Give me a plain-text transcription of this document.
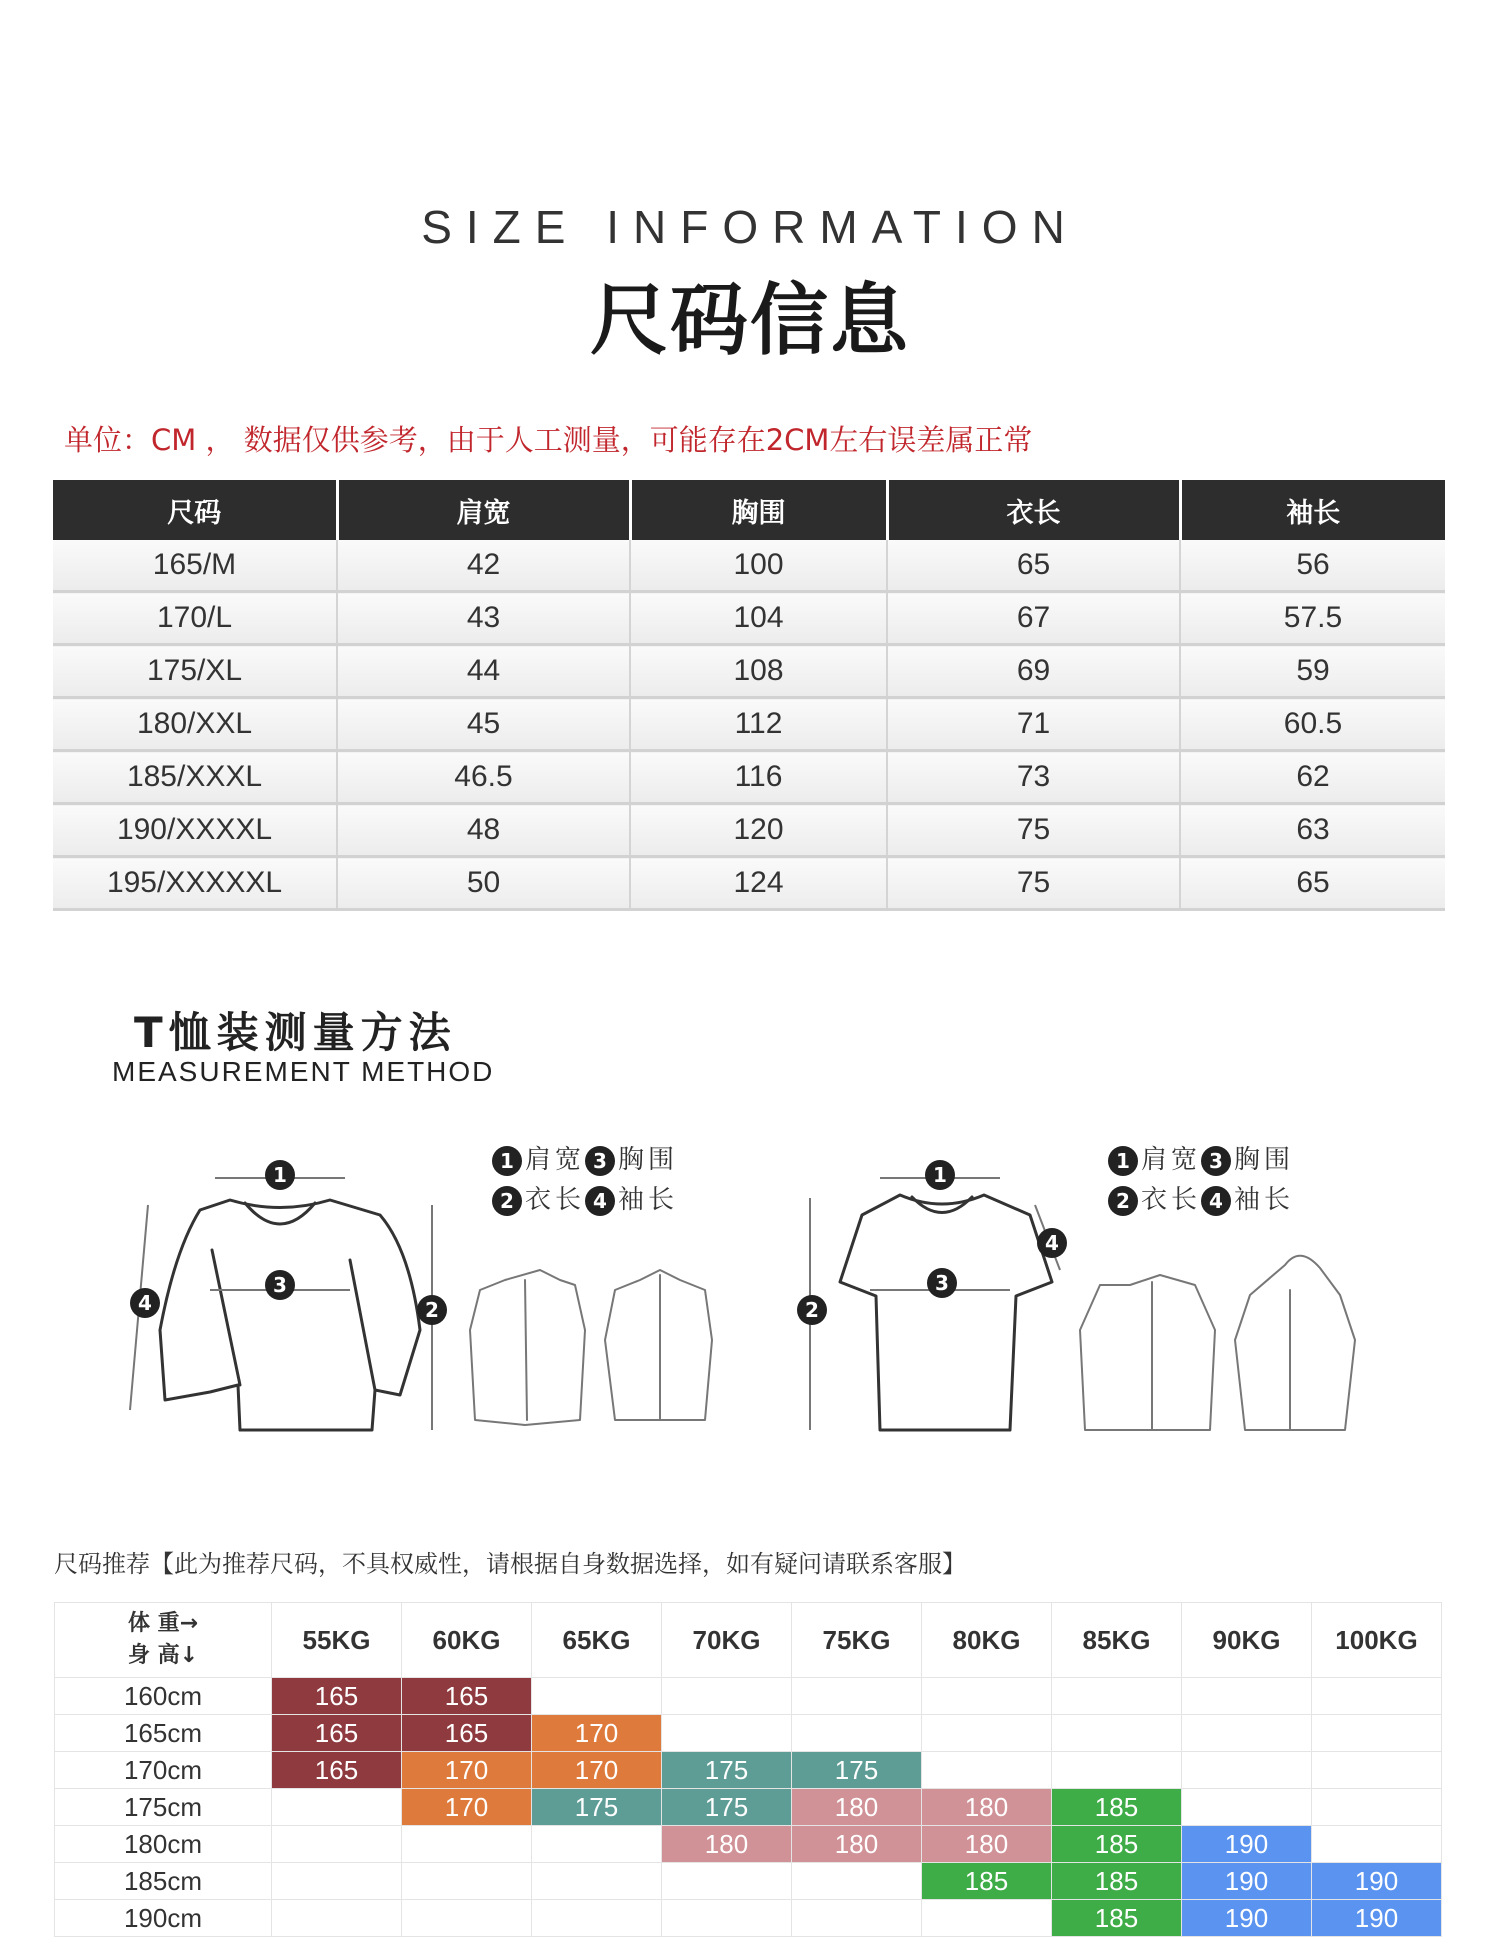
SIZE INFORMATION
尺码信息
单位：CM ， 数据仅供参考，由于人工测量，可能存在2CM左右误差属正常
尺码	肩宽	胸围	衣长	袖长
165/M	42	100	65	56
170/L	43	104	67	57.5
175/XL	44	108	69	59
180/XXL	45	112	71	60.5
185/XXXL	46.5	116	73	62
190/XXXXL	48	120	75	63
195/XXXXXL	50	124	75	65
T恤装测量方法
MEASUREMENT METHOD
1
3
2
4
1
3
2
4
1 肩宽 3 胸围
2 衣长 4 袖长
1 肩宽 3 胸围
2 衣长 4 袖长
尺码推荐【此为推荐尺码，不具权威性，请根据自身数据选择，如有疑问请联系客服】
体 重→
身 高↓	55KG	60KG	65KG	70KG	75KG	80KG	85KG	90KG	100KG
160cm	165	165							
165cm	165	165	170						
170cm	165	170	170	175	175				
175cm		170	175	175	180	180	185		
180cm				180	180	180	185	190	
185cm						185	185	190	190
190cm							185	190	190
